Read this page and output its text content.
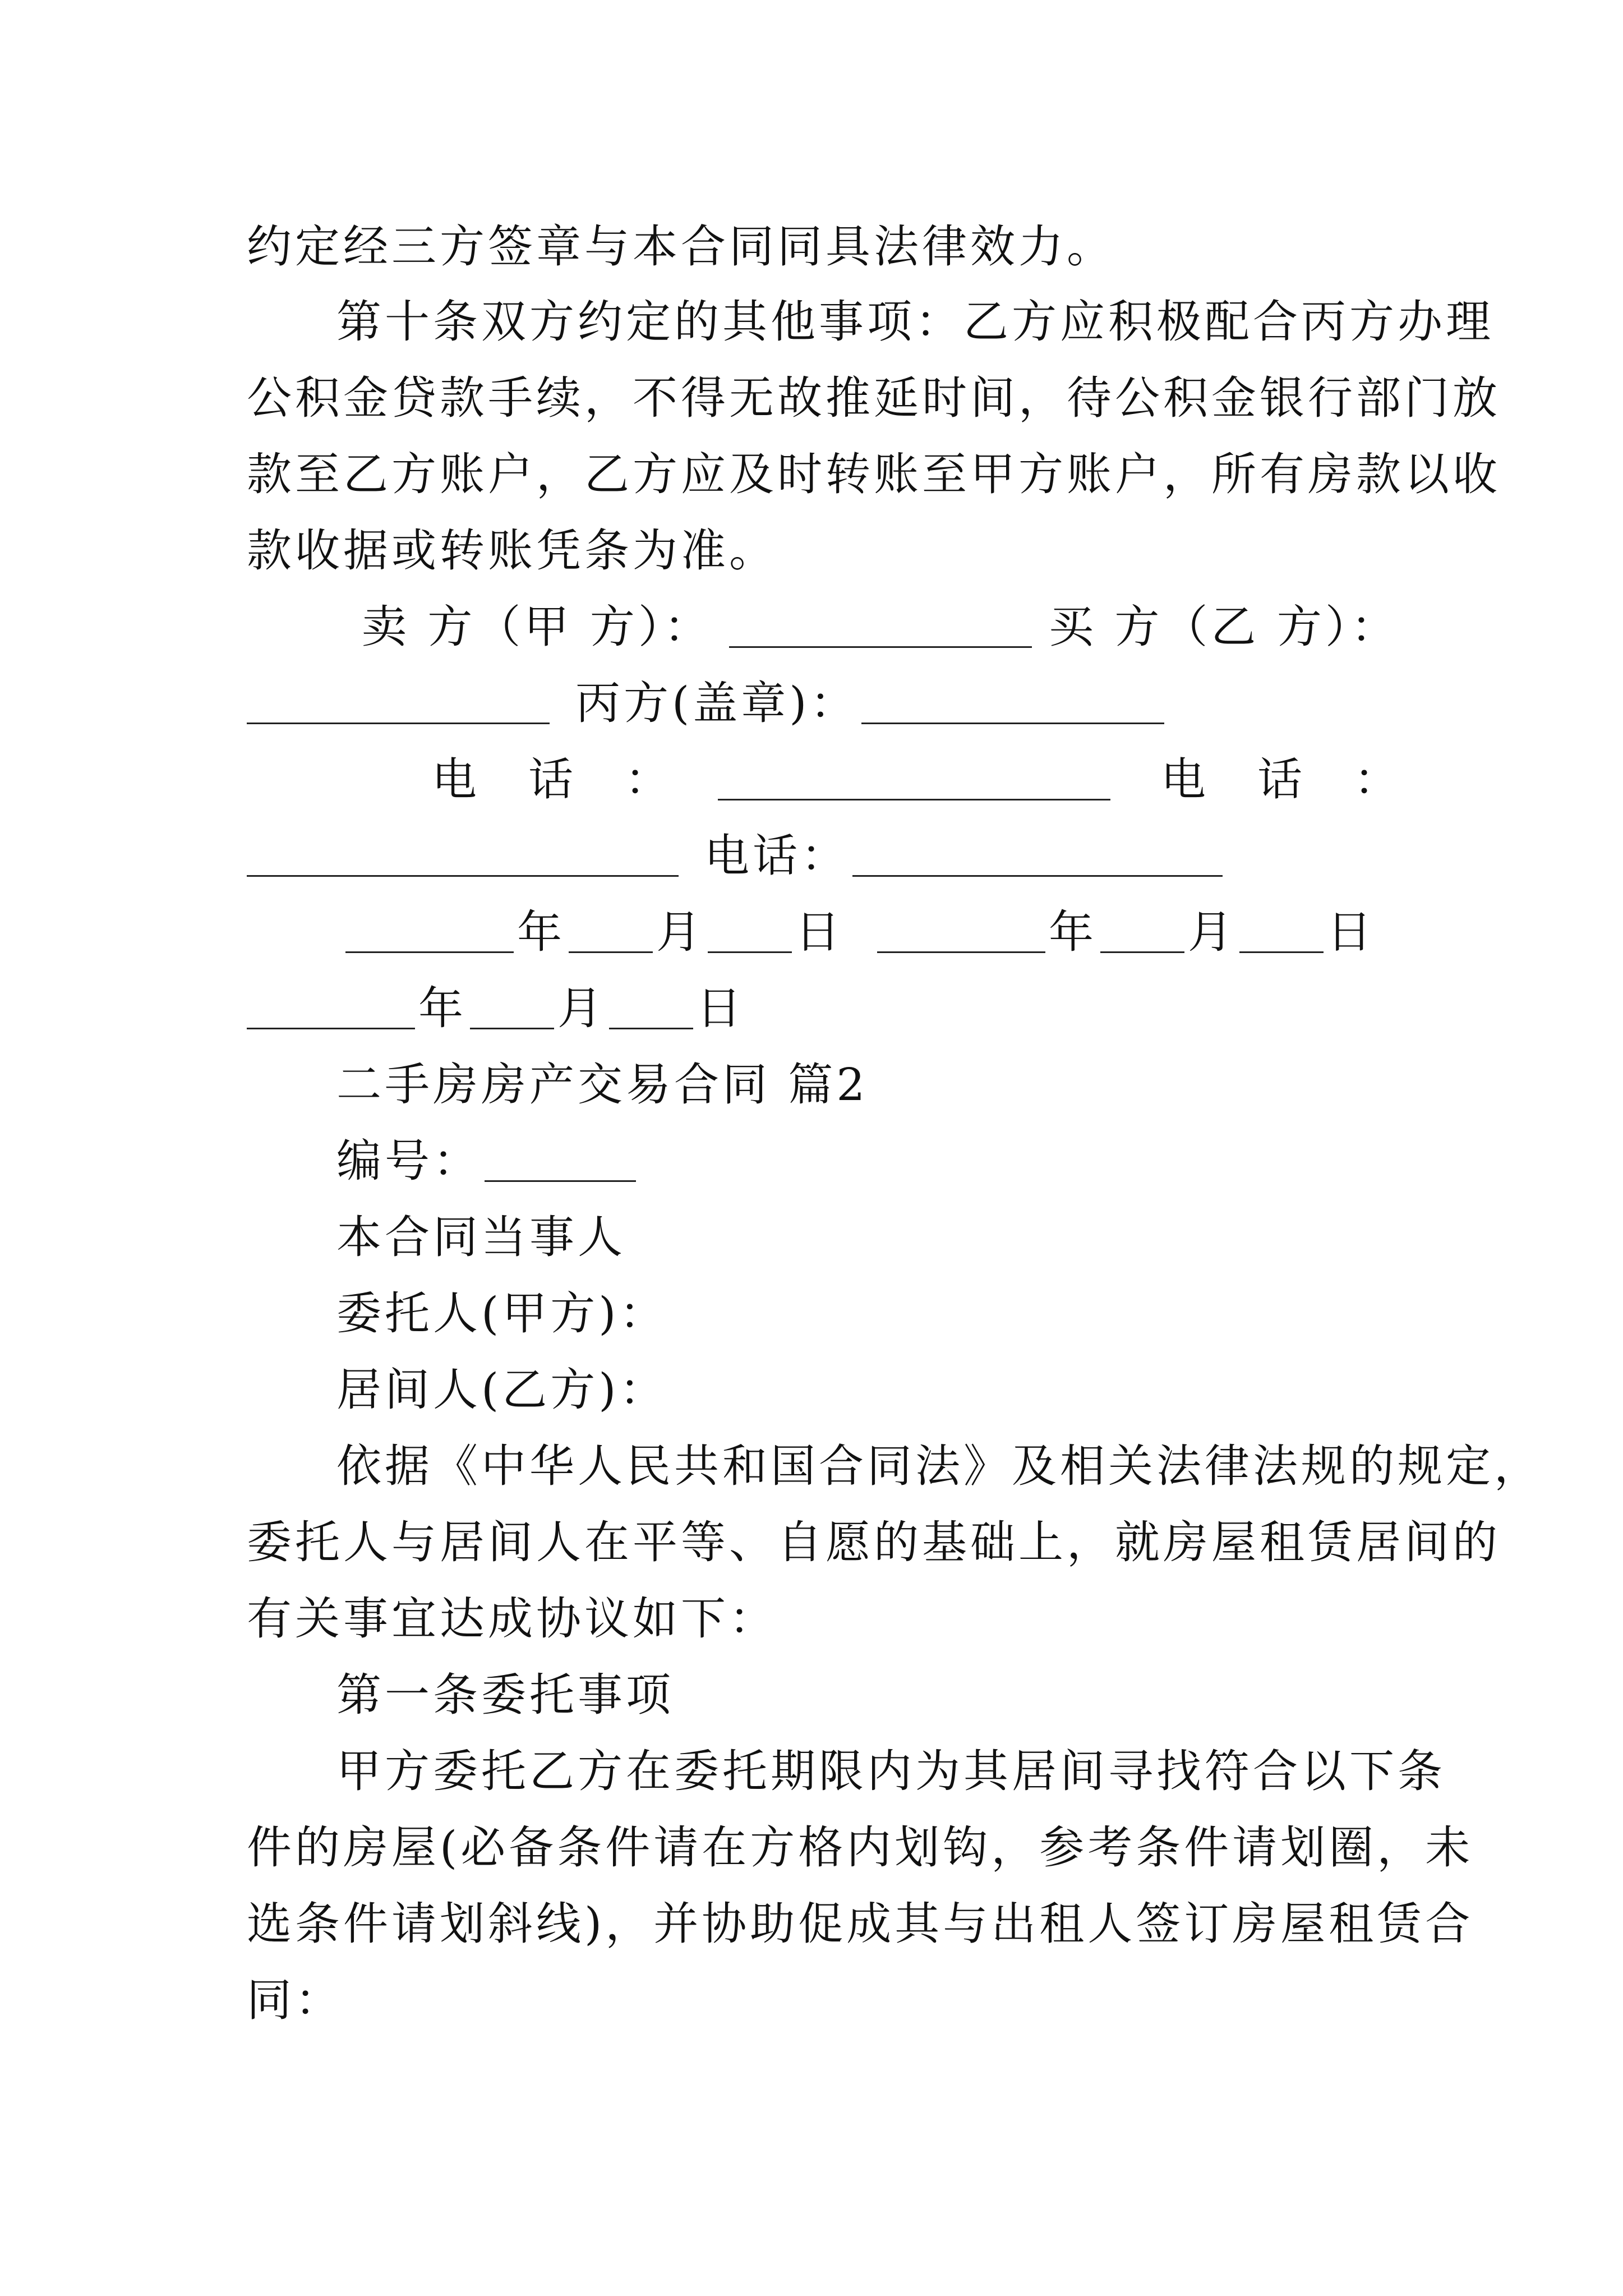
约定经三方签章与本合同同具法律效力。
第十条双方约定的其他事项：乙方应积极配合丙方办理
公积金贷款手续，不得无故推延时间，待公积金银行部门放
款至乙方账户，乙方应及时转账至甲方账户，所有房款以收
款收据或转账凭条为准。
卖 方（甲 方）：	买 方（乙 方）：
丙方(盖章)：
电　话　：	电　话　：
电话：
年 月 日	年 月 日
年 月 日
二手房房产交易合同 篇2
编号：
本合同当事人
委托人(甲方)：
居间人(乙方)：
依据《中华人民共和国合同法》及相关法律法规的规定，
委托人与居间人在平等、自愿的基础上，就房屋租赁居间的
有关事宜达成协议如下：
第一条委托事项
甲方委托乙方在委托期限内为其居间寻找符合以下条
件的房屋(必备条件请在方格内划钩，参考条件请划圈，未
选条件请划斜线)，并协助促成其与出租人签订房屋租赁合
同：
